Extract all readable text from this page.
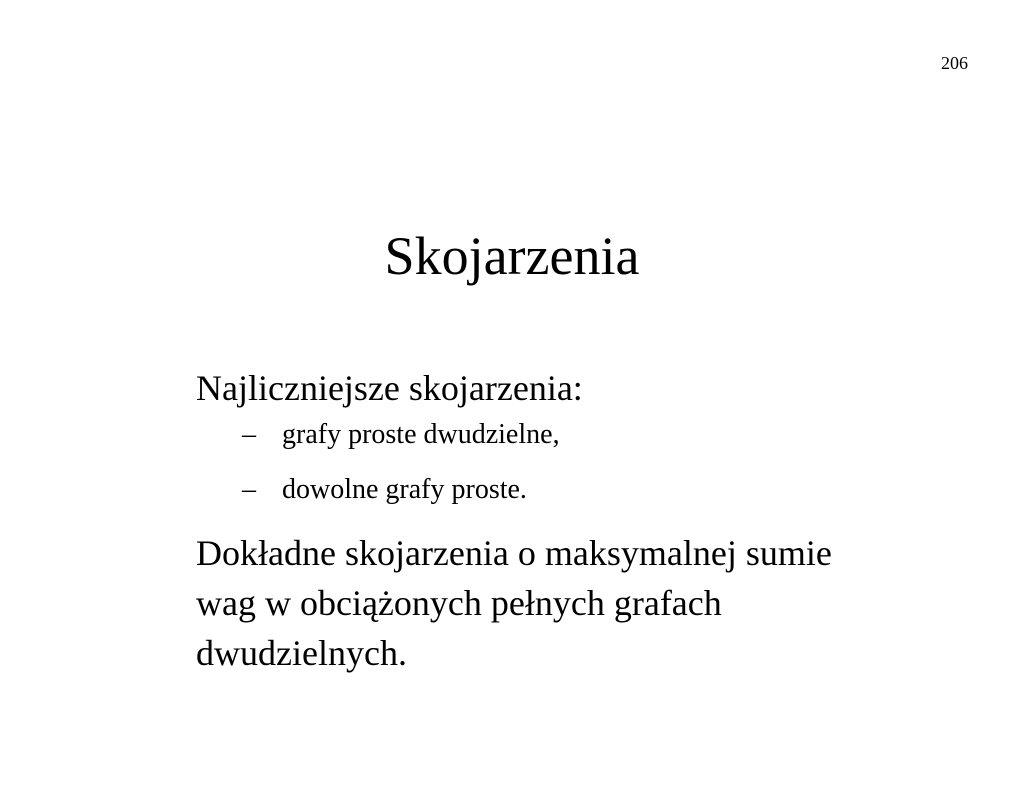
206
Skojarzenia

Najliczniejsze skojarzenia:

– grafy proste dwudzielne,
– dowolne grafy proste.

Dokładne skojarzenia o maksymalnej sumie wag w obciążonych pełnych grafach dwudzielnych.
